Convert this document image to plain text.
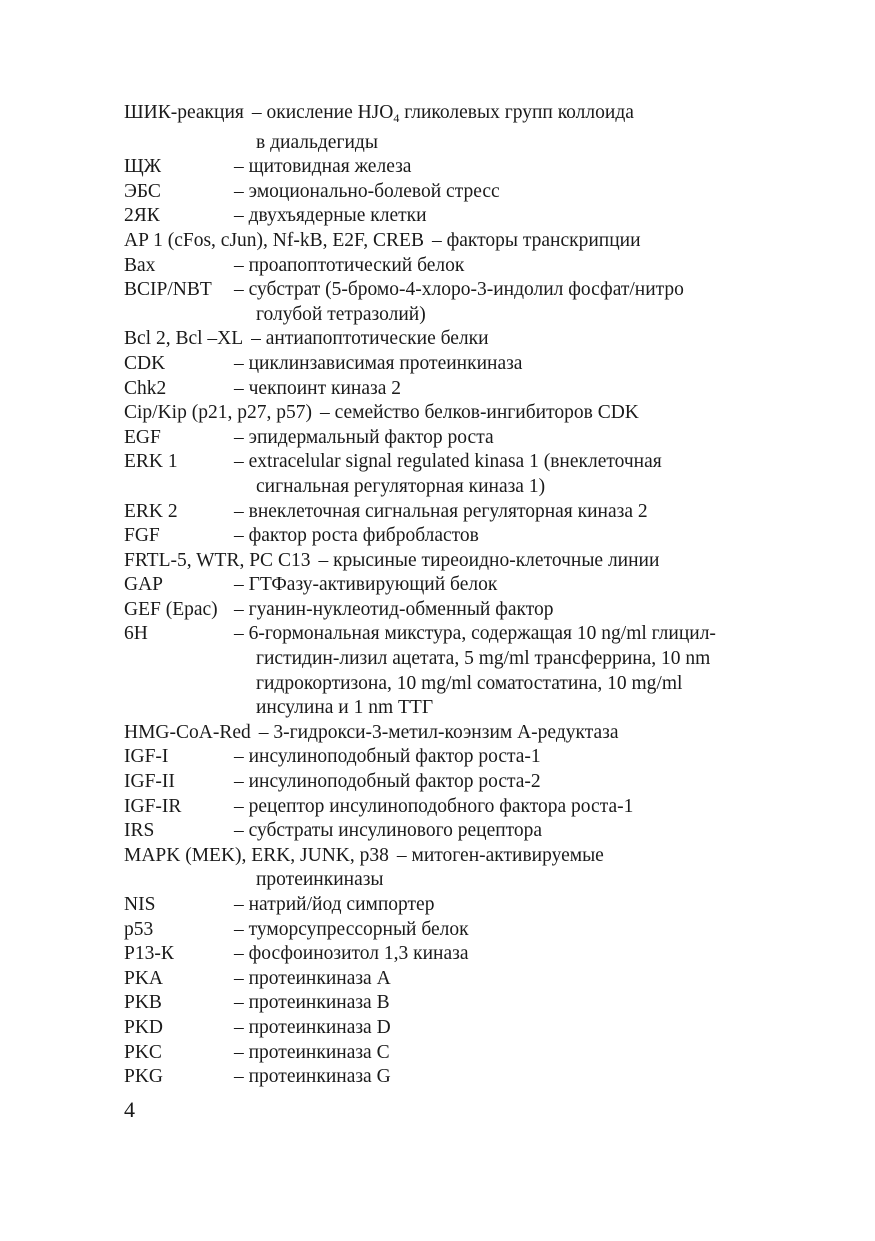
ШИК-реакция – окисление $HJO_4$ гликолевых групп коллоида
в диальдегиды
ЩЖ	– щитовидная железа
ЭБС	– эмоционально-болевой стресс
2ЯК	– двухъядерные клетки
AP 1 (cFos, cJun), Nf-kB, E2F, CREB – факторы транскрипции
Bax	– проапоптотический белок
BCIP/NBT – субстрат (5-бромо-4-хлоро-3-индолил фосфат/нитро
голубой тетразолий)
Bcl 2, Bcl –XL – антиапоптотические белки
CDK	– циклинзависимая протеинкиназа
Chk2	– чекпоинт киназа 2
Cip/Kip (p21, p27, p57) – семейство белков-ингибиторов CDK
EGF	– эпидермальный фактор роста
ERK 1	– extracelular signal regulated kinasa 1 (внеклеточная
сигнальная регуляторная киназа 1)
ERK 2	– внеклеточная сигнальная регуляторная киназа 2
FGF	– фактор роста фибробластов
FRTL-5, WTR, PC C13 – крысиные тиреоидно-клеточные линии
GAP	– ГТФазу-активирующий белок
GEF (Epac) – гуанин-нуклеотид-обменный фактор
6H	– 6-гормональная микстура, содержащая 10 ng/ml глицил-
гистидин-лизил ацетата, 5 mg/ml трансферрина, 10 nm
гидрокортизона, 10 mg/ml соматостатина, 10 mg/ml
инсулина и 1 nm ТТГ
HMG-CoA-Red – 3-гидрокси-3-метил-коэнзим А-редуктаза
IGF-I	– инсулиноподобный фактор роста-1
IGF-II	– инсулиноподобный фактор роста-2
IGF-IR	– рецептор инсулиноподобного фактора роста-1
IRS	– субстраты инсулинового рецептора
MAPK (MEK), ERK, JUNK, p38 – митоген-активируемые
протеинкиназы
NIS	– натрий/йод симпортер
p53	– туморсупрессорный белок
P13-К	– фосфоинозитол 1,3 киназа
PKA	– протеинкиназа А
PKB	– протеинкиназа В
PKD	– протеинкиназа D
PKC	– протеинкиназа С
PKG	– протеинкиназа G
4
